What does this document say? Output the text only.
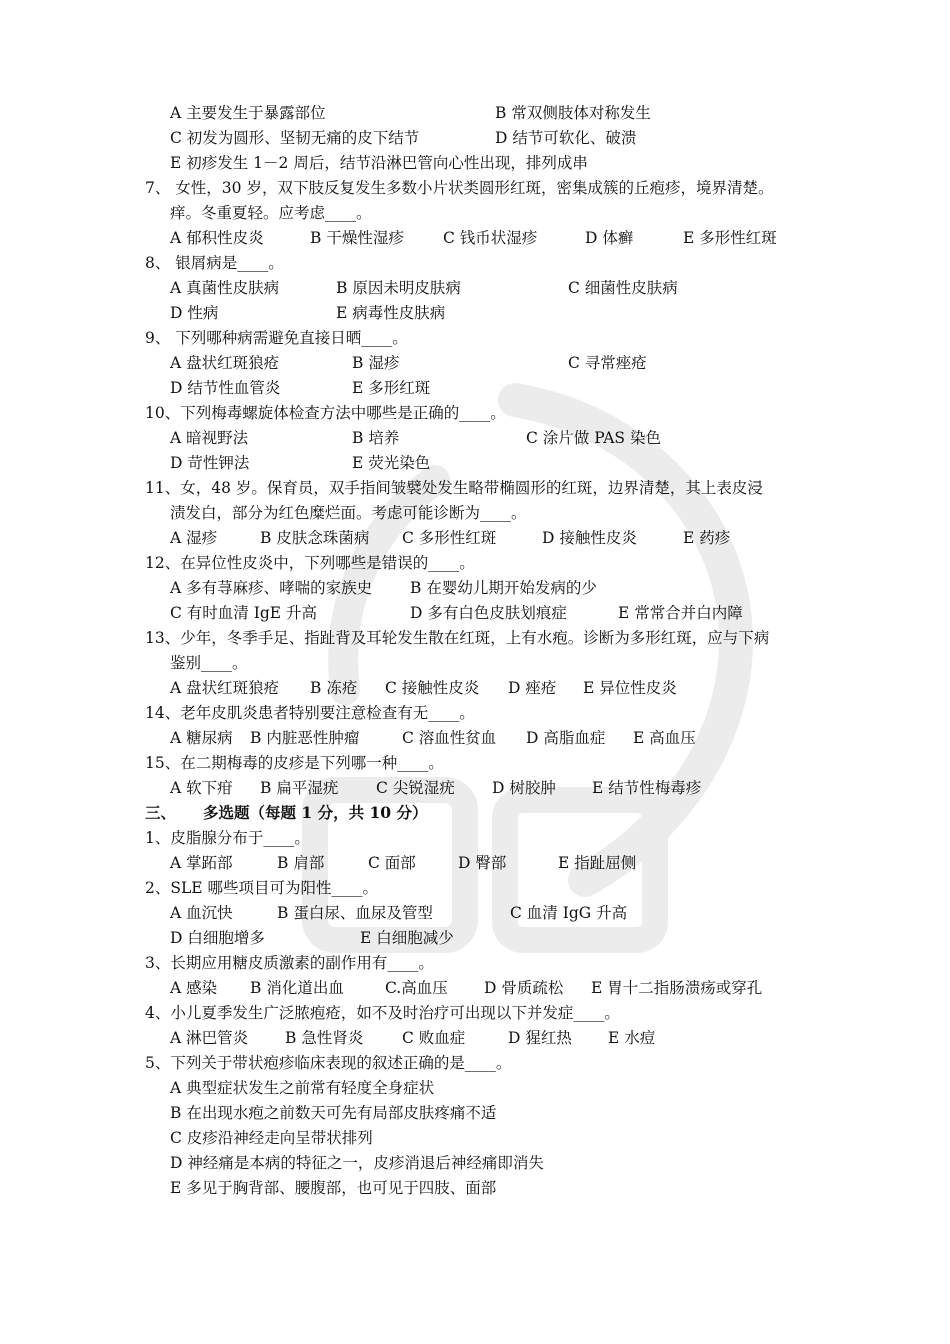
A 主要发生于暴露部位	B 常双侧肢体对称发生
C 初发为圆形、坚韧无痛的皮下结节	D 结节可软化、破溃
E 初疹发生 1－2 周后，结节沿淋巴管向心性出现，排列成串
7、 女性，30 岁，双下肢反复发生多数小片状类圆形红斑，密集成簇的丘疱疹，境界清楚。
痒。冬重夏轻。应考虑____。
A 郁积性皮炎	B 干燥性湿疹	C 钱币状湿疹	D 体癣	E 多形性红斑
8、 银屑病是____。
A 真菌性皮肤病	B 原因未明皮肤病	C 细菌性皮肤病
D 性病	E 病毒性皮肤病
9、 下列哪种病需避免直接日晒____。
A 盘状红斑狼疮	B 湿疹	C 寻常痤疮
D 结节性血管炎	E 多形红斑
10、下列梅毒螺旋体检查方法中哪些是正确的____。
A 暗视野法	B 培养	C 涂片做 PAS 染色
D 苛性钾法	E 荧光染色
11、女，48 岁。保育员，双手指间皱襞处发生略带椭圆形的红斑，边界清楚，其上表皮浸
渍发白，部分为红色糜烂面。考虑可能诊断为____。
A 湿疹	B 皮肤念珠菌病 C 多形性红斑	D 接触性皮炎	E 药疹
12、在异位性皮炎中，下列哪些是错误的____。
A 多有荨麻疹、哮喘的家族史 B 在婴幼儿期开始发病的少
C 有时血清 IgE 升高	D 多有白色皮肤划痕症	E 常常合并白内障
13、少年，冬季手足、指趾背及耳轮发生散在红斑，上有水疱。诊断为多形红斑，应与下病
鉴别____。
A 盘状红斑狼疮 B 冻疮 C 接触性皮炎 D 痤疮 E 异位性皮炎
14、老年皮肌炎患者特别要注意检查有无____。
A 糖尿病 B 内脏恶性肿瘤	C 溶血性贫血 D 高脂血症 E 高血压
15、在二期梅毒的皮疹是下列哪一种____。
A 软下疳 B 扁平湿疣 C 尖锐湿疣 D 树胶肿 E 结节性梅毒疹
三、 多选题（每题 1 分，共 10 分）
1、皮脂腺分布于____。
A 掌跖部	B 肩部	C 面部	D 臀部	E 指趾屈侧
2、SLE 哪些项目可为阳性____。
A 血沉快	B 蛋白尿、血尿及管型	C 血清 IgG 升高
D 白细胞增多	E 白细胞减少
3、长期应用糖皮质激素的副作用有____。
A 感染 B 消化道出血	C.高血压 D 骨质疏松 E 胃十二指肠溃疡或穿孔
4、小儿夏季发生广泛脓疱疮，如不及时治疗可出现以下并发症____。
A 淋巴管炎 B 急性肾炎 C 败血症	D 猩红热 E 水痘
5、下列关于带状疱疹临床表现的叙述正确的是____。
A 典型症状发生之前常有轻度全身症状
B 在出现水疱之前数天可先有局部皮肤疼痛不适
C 皮疹沿神经走向呈带状排列
D 神经痛是本病的特征之一，皮疹消退后神经痛即消失
E 多见于胸背部、腰腹部，也可见于四肢、面部
